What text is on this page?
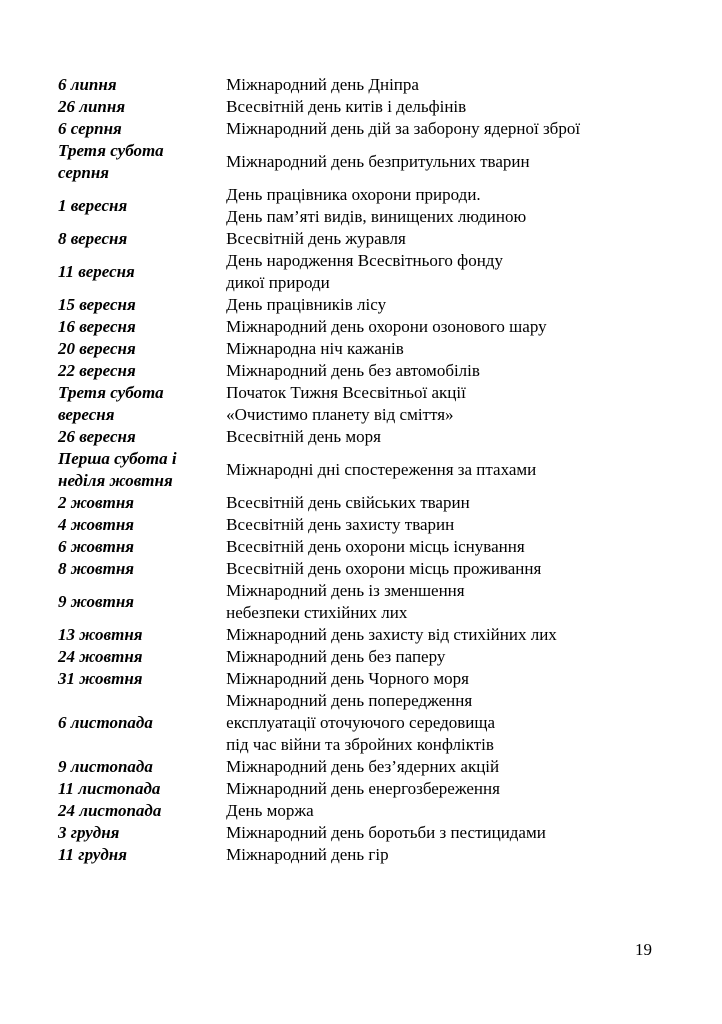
6 липня	Міжнародний день Дніпра

26 липня	Всесвітній день китів і дельфінів

6 серпня	Міжнародний день дій за заборону ядерної зброї

Третя субота
серпня	Міжнародний день безпритульних тварин

1 вересня	День працівника охорони природи.
День пам’яті видів, винищених людиною

8 вересня	Всесвітній день журавля

11 вересня	День народження Всесвітнього фонду
дикої природи

15 вересня	День працівників лісу

16 вересня	Міжнародний день охорони озонового шару

20 вересня	Міжнародна ніч кажанів

22 вересня	Міжнародний день без автомобілів

Третя субота
вересня	Початок Тижня Всесвітньої акції
«Очистимо планету від сміття»

26 вересня	Всесвітній день моря

Перша субота і
неділя жовтня	Міжнародні дні спостереження за птахами

2 жовтня	Всесвітній день свійських тварин

4 жовтня	Всесвітній день захисту тварин

6 жовтня	Всесвітній день охорони місць існування

8 жовтня	Всесвітній день охорони місць проживання

9 жовтня	Міжнародний день із зменшення
небезпеки стихійних лих

13 жовтня	Міжнародний день захисту від стихійних лих

24 жовтня	Міжнародний день без паперу

31 жовтня	Міжнародний день Чорного моря

6 листопада	Міжнародний день попередження
експлуатації оточуючого середовища
під час війни та збройних конфліктів

9 листопада	Міжнародний день без’ядерних акцій

11 листопада	Міжнародний день енергозбереження

24 листопада	День моржа

3 грудня	Міжнародний день боротьби з пестицидами

11 грудня	Міжнародний день гір
19
